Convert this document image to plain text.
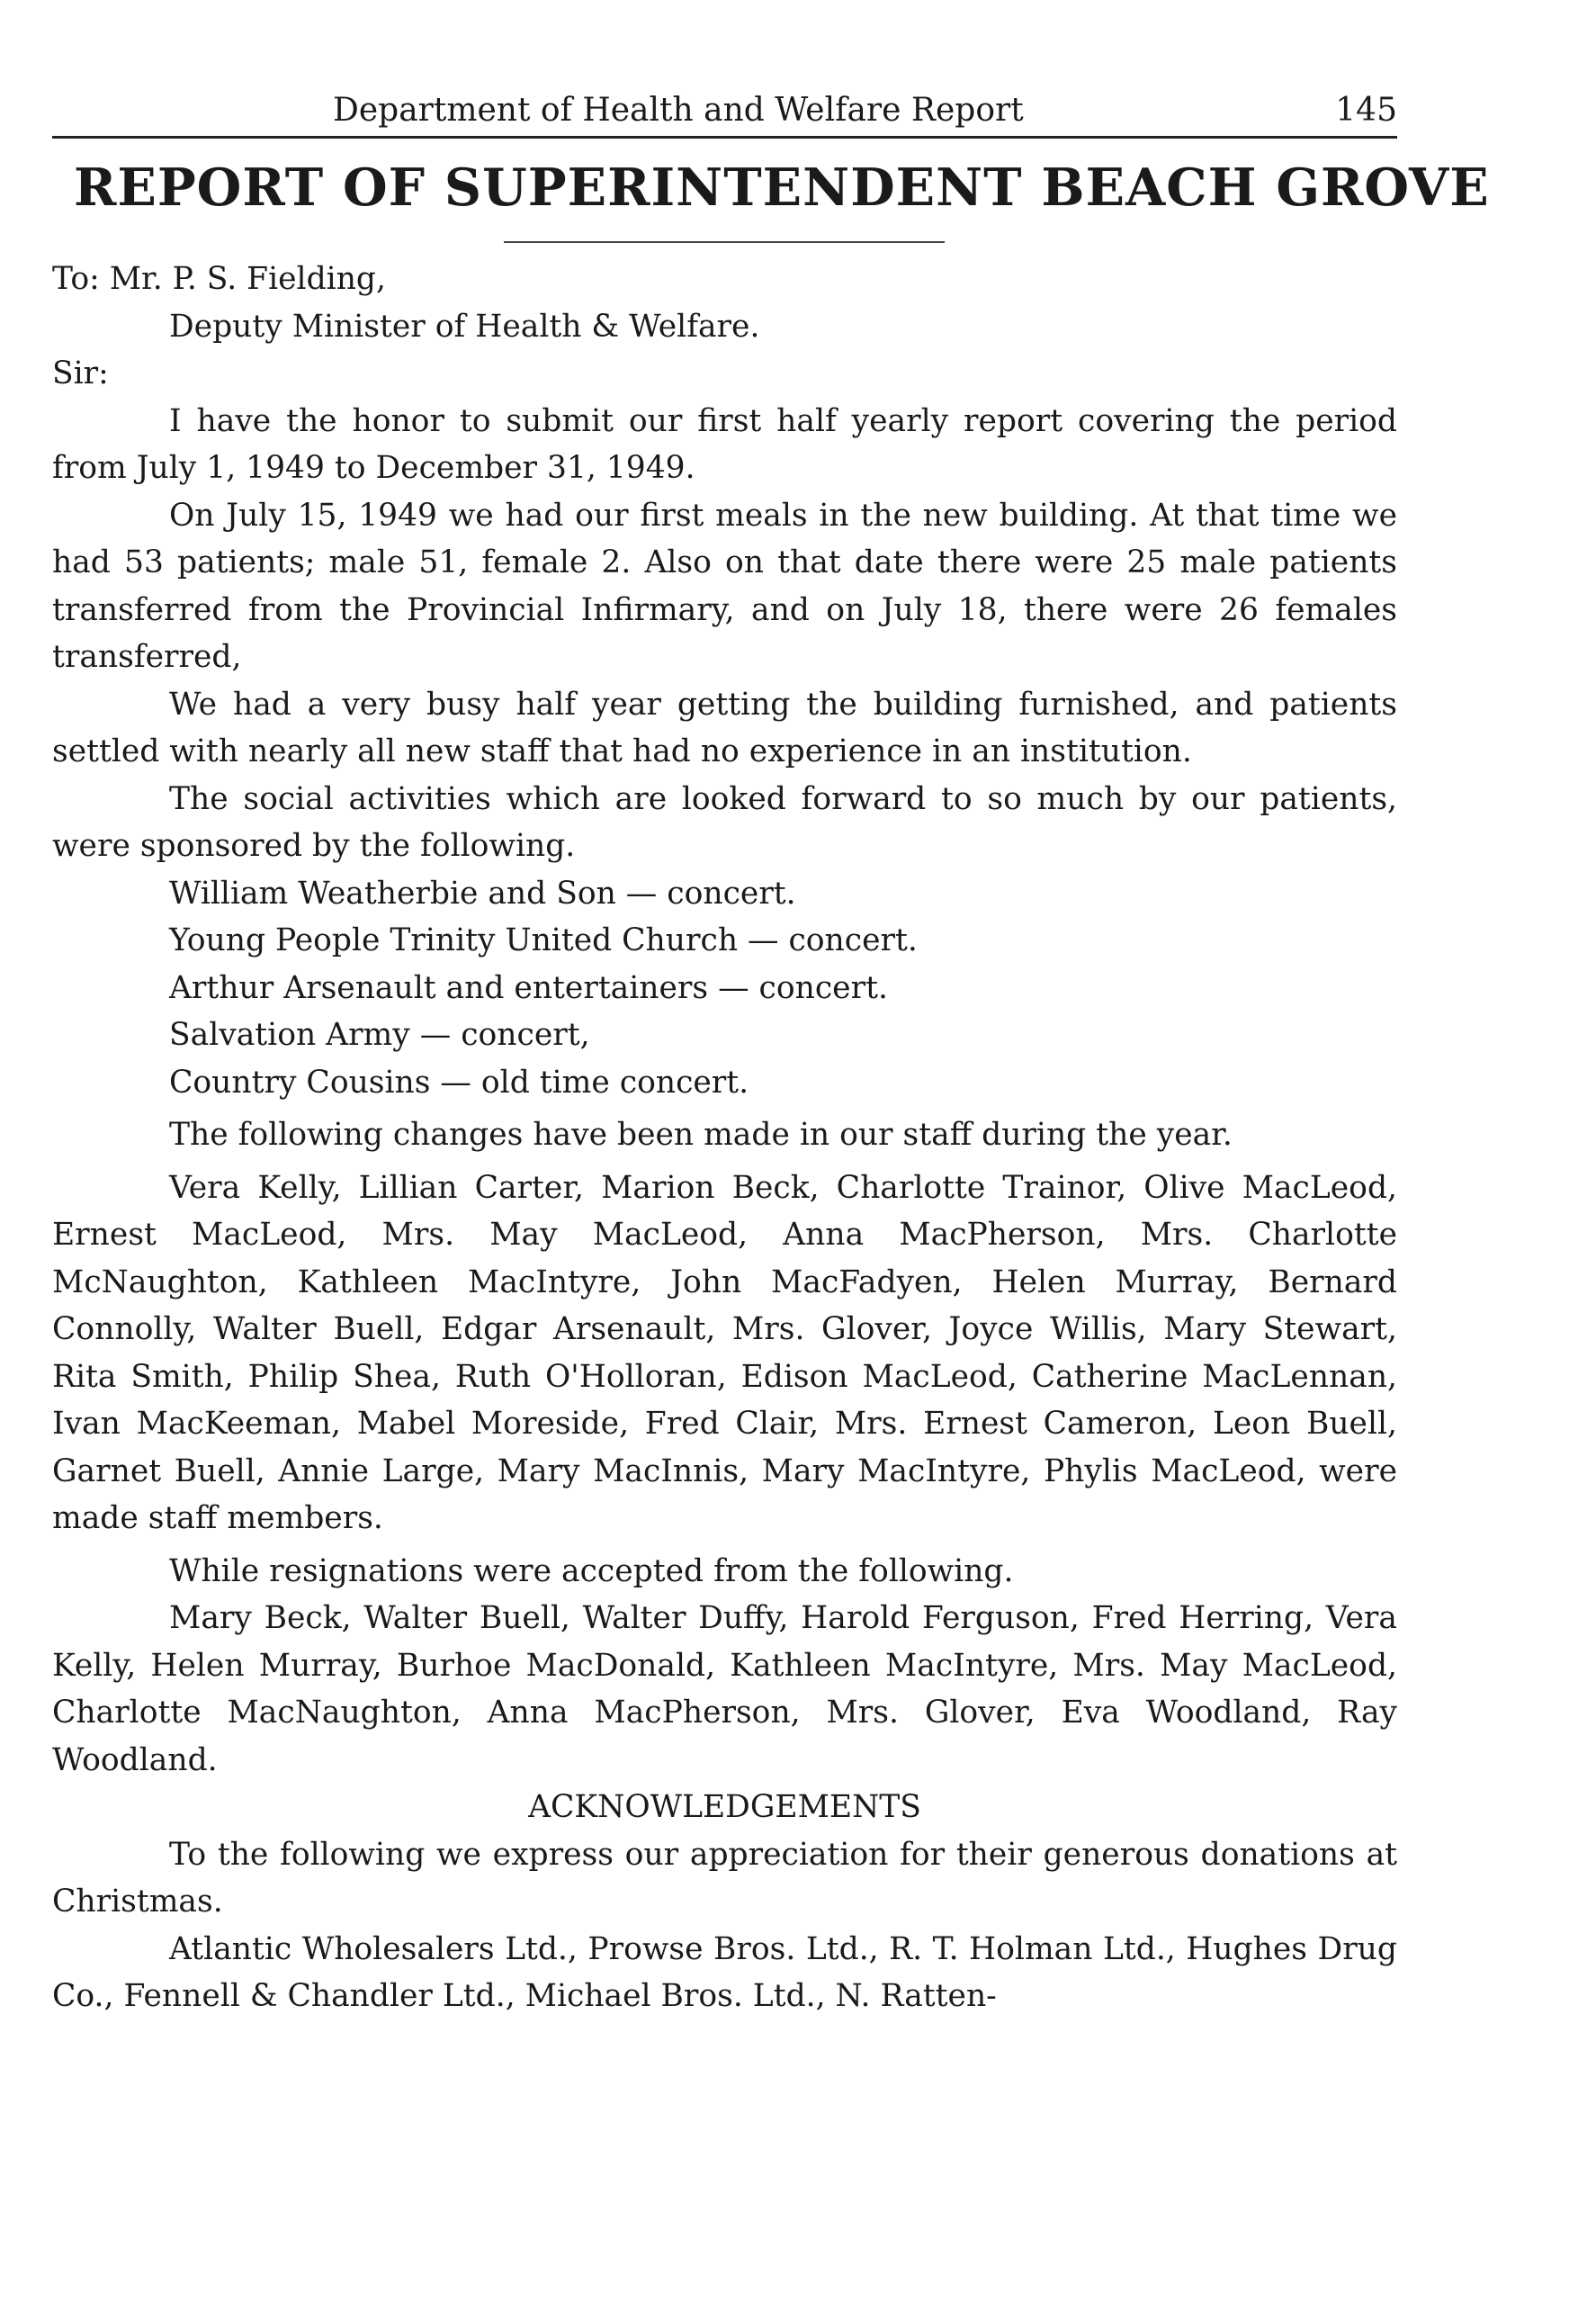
Department of Health and Welfare Report	145
REPORT OF SUPERINTENDENT BEACH GROVE
To: Mr. P. S. Fielding,
Deputy Minister of Health & Welfare.
Sir:

I have the honor to submit our first half yearly report covering the period from July 1, 1949 to December 31, 1949.

On July 15, 1949 we had our first meals in the new building. At that time we had 53 patients; male 51, female 2. Also on that date there were 25 male patients transferred from the Provincial Infirmary, and on July 18, there were 26 females transferred,

We had a very busy half year getting the building furnished, and patients settled with nearly all new staff that had no experience in an institution.

The social activities which are looked forward to so much by our patients, were sponsored by the following.

William Weatherbie and Son — concert.
Young People Trinity United Church — concert.
Arthur Arsenault and entertainers — concert.
Salvation Army — concert,
Country Cousins — old time concert.

The following changes have been made in our staff during the year.

Vera Kelly, Lillian Carter, Marion Beck, Charlotte Trainor, Olive MacLeod, Ernest MacLeod, Mrs. May MacLeod, Anna MacPherson, Mrs. Charlotte McNaughton, Kathleen MacIntyre, John MacFadyen, Helen Murray, Bernard Connolly, Walter Buell, Edgar Arsenault, Mrs. Glover, Joyce Willis, Mary Stewart, Rita Smith, Philip Shea, Ruth O'Holloran, Edison MacLeod, Catherine MacLennan, Ivan MacKeeman, Mabel Moreside, Fred Clair, Mrs. Ernest Cameron, Leon Buell, Garnet Buell, Annie Large, Mary MacInnis, Mary MacIntyre, Phylis MacLeod, were made staff members.

While resignations were accepted from the following.

Mary Beck, Walter Buell, Walter Duffy, Harold Ferguson, Fred Herring, Vera Kelly, Helen Murray, Burhoe MacDonald, Kathleen MacIntyre, Mrs. May MacLeod, Charlotte MacNaughton, Anna MacPherson, Mrs. Glover, Eva Woodland, Ray Woodland.

ACKNOWLEDGEMENTS

To the following we express our appreciation for their generous donations at Christmas.

Atlantic Wholesalers Ltd., Prowse Bros. Ltd., R. T. Holman Ltd., Hughes Drug Co., Fennell & Chandler Ltd., Michael Bros. Ltd., N. Ratten-
